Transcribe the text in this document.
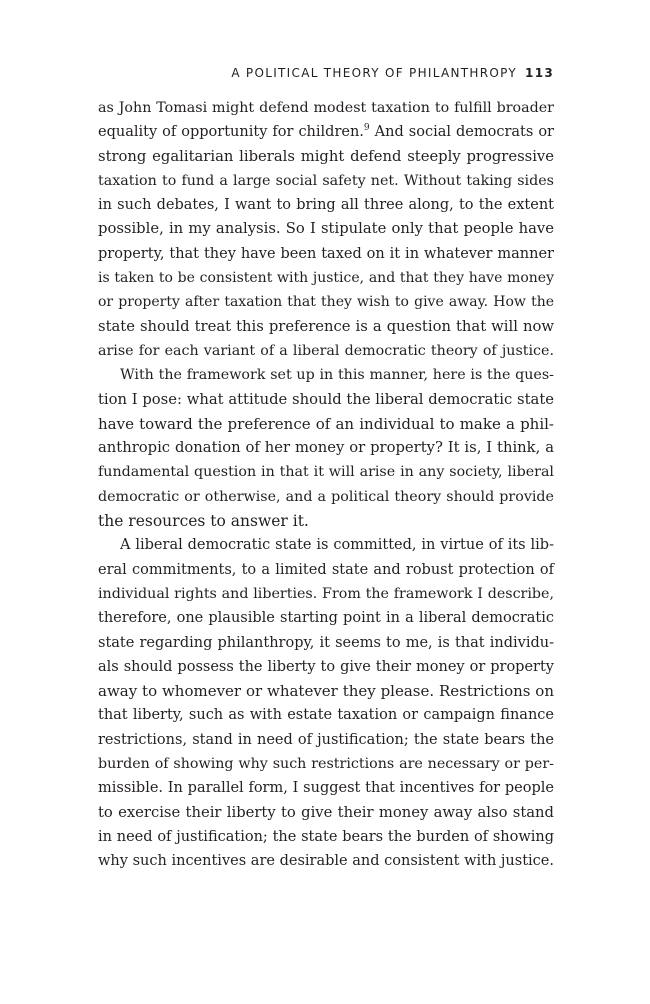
A POLITICAL THEORY OF PHILANTHROPY 113
as John Tomasi might defend modest taxation to fulfill broader
equality of opportunity for children.$^9$ And social democrats or
strong egalitarian liberals might defend steeply progressive
taxation to fund a large social safety net. Without taking sides
in such debates, I want to bring all three along, to the extent
possible, in my analysis. So I stipulate only that people have
property, that they have been taxed on it in whatever manner
is taken to be consistent with justice, and that they have money
or property after taxation that they wish to give away. How the
state should treat this preference is a question that will now
arise for each variant of a liberal democratic theory of justice.
With the framework set up in this manner, here is the ques-
tion I pose: what attitude should the liberal democratic state
have toward the preference of an individual to make a phil-
anthropic donation of her money or property? It is, I think, a
fundamental question in that it will arise in any society, liberal
democratic or otherwise, and a political theory should provide
the resources to answer it.
A liberal democratic state is committed, in virtue of its lib-
eral commitments, to a limited state and robust protection of
individual rights and liberties. From the framework I describe,
therefore, one plausible starting point in a liberal democratic
state regarding philanthropy, it seems to me, is that individu-
als should possess the liberty to give their money or property
away to whomever or whatever they please. Restrictions on
that liberty, such as with estate taxation or campaign finance
restrictions, stand in need of justification; the state bears the
burden of showing why such restrictions are necessary or per-
missible. In parallel form, I suggest that incentives for people
to exercise their liberty to give their money away also stand
in need of justification; the state bears the burden of showing
why such incentives are desirable and consistent with justice.
